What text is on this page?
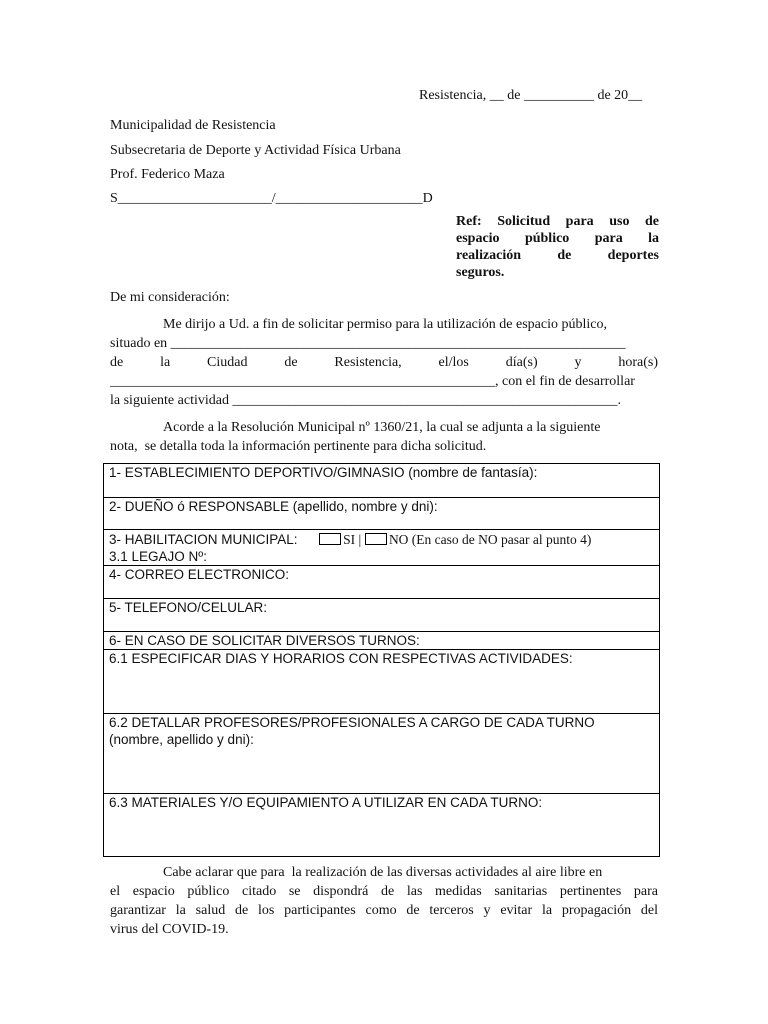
Resistencia, __ de __________ de 20__
Municipalidad de Resistencia
Subsecretaria de Deporte y Actividad Física Urbana
Prof. Federico Maza
S______________________/_____________________D
Ref: Solicitud para uso de
espacio público para la
realización de deportes
seguros.
De mi consideración:
Me dirijo a Ud. a fin de solicitar permiso para la utilización de espacio público,
situado en _________________________________________________________________
de la Ciudad de Resistencia, el/los día(s) y hora(s)
_______________________________________________________, con el fin de desarrollar
la siguiente actividad _______________________________________________________.
Acorde a la Resolución Municipal nº 1360/21, la cual se adjunta a la siguiente
nota,  se detalla toda la información pertinente para dicha solicitud.
1- ESTABLECIMIENTO DEPORTIVO/GIMNASIO (nombre de fantasía):
2- DUEÑO ó RESPONSABLE (apellido, nombre y dni):

3- HABILITACION MUNICIPAL:	SI | NO (En caso de NO pasar al punto 4)
3.1 LEGAJO Nº:

4- CORREO ELECTRONICO:
5- TELEFONO/CELULAR:
6- EN CASO DE SOLICITAR DIVERSOS TURNOS:
6.1 ESPECIFICAR DIAS Y HORARIOS CON RESPECTIVAS ACTIVIDADES:

6.2 DETALLAR PROFESORES/PROFESIONALES A CARGO DE CADA TURNO
(nombre, apellido y dni):

6.3 MATERIALES Y/O EQUIPAMIENTO A UTILIZAR EN CADA TURNO:
Cabe aclarar que para  la realización de las diversas actividades al aire libre en
el espacio público citado se dispondrá de las medidas sanitarias pertinentes para
garantizar la salud de los participantes como de terceros y evitar la propagación del
virus del COVID-19.
